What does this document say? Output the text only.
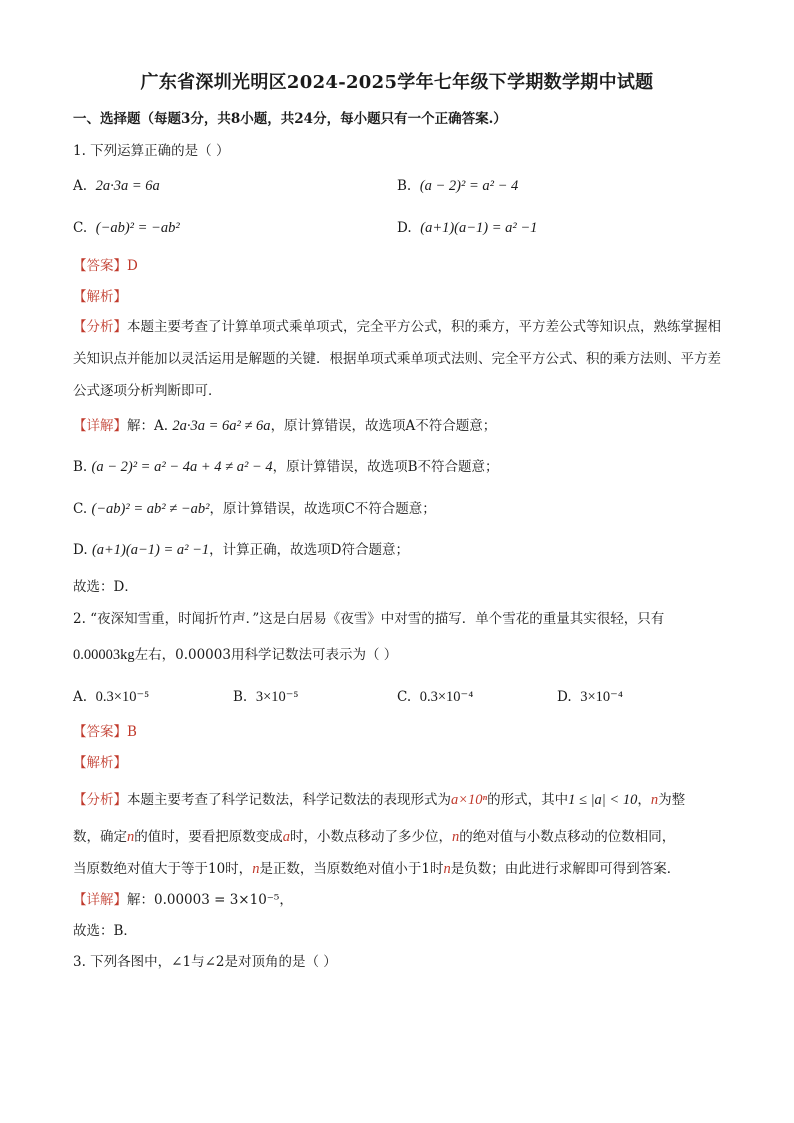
广东省深圳光明区2024-2025学年七年级下学期数学期中试题
一、选择题（每题3分，共8小题，共24分，每小题只有一个正确答案.）
1. 下列运算正确的是（ ）
A. 2a·3a = 6a	B. (a − 2)² = a² − 4
C. (−ab)² = −ab²	D. (a+1)(a−1) = a² −1
【答案】D
【解析】
【分析】本题主要考查了计算单项式乘单项式，完全平方公式，积的乘方，平方差公式等知识点，熟练掌握相关知识点并能加以灵活运用是解题的关键．根据单项式乘单项式法则、完全平方公式、积的乘方法则、平方差公式逐项分析判断即可．
【详解】解：A. 2a·3a = 6a² ≠ 6a，原计算错误，故选项A不符合题意；
B. (a − 2)² = a² − 4a + 4 ≠ a² − 4，原计算错误，故选项B不符合题意；
C. (−ab)² = ab² ≠ −ab²，原计算错误，故选项C不符合题意；
D. (a+1)(a−1) = a² −1，计算正确，故选项D符合题意；
故选：D．
2. “夜深知雪重，时闻折竹声．”这是白居易《夜雪》中对雪的描写．单个雪花的重量其实很轻，只有
0.00003kg左右，0.00003用科学记数法可表示为（ ）
A. 0.3×10⁻⁵	B. 3×10⁻⁵	C. 0.3×10⁻⁴	D. 3×10⁻⁴
【答案】B
【解析】
【分析】本题主要考查了科学记数法，科学记数法的表现形式为a×10ⁿ的形式，其中1 ≤ |a| < 10，n为整
数，确定n的值时，要看把原数变成a时，小数点移动了多少位，n的绝对值与小数点移动的位数相同，
当原数绝对值大于等于10时，n是正数，当原数绝对值小于1时n是负数；由此进行求解即可得到答案．
【详解】解：0.00003 = 3×10⁻⁵，
故选：B．
3. 下列各图中，∠1与∠2是对顶角的是（ ）
